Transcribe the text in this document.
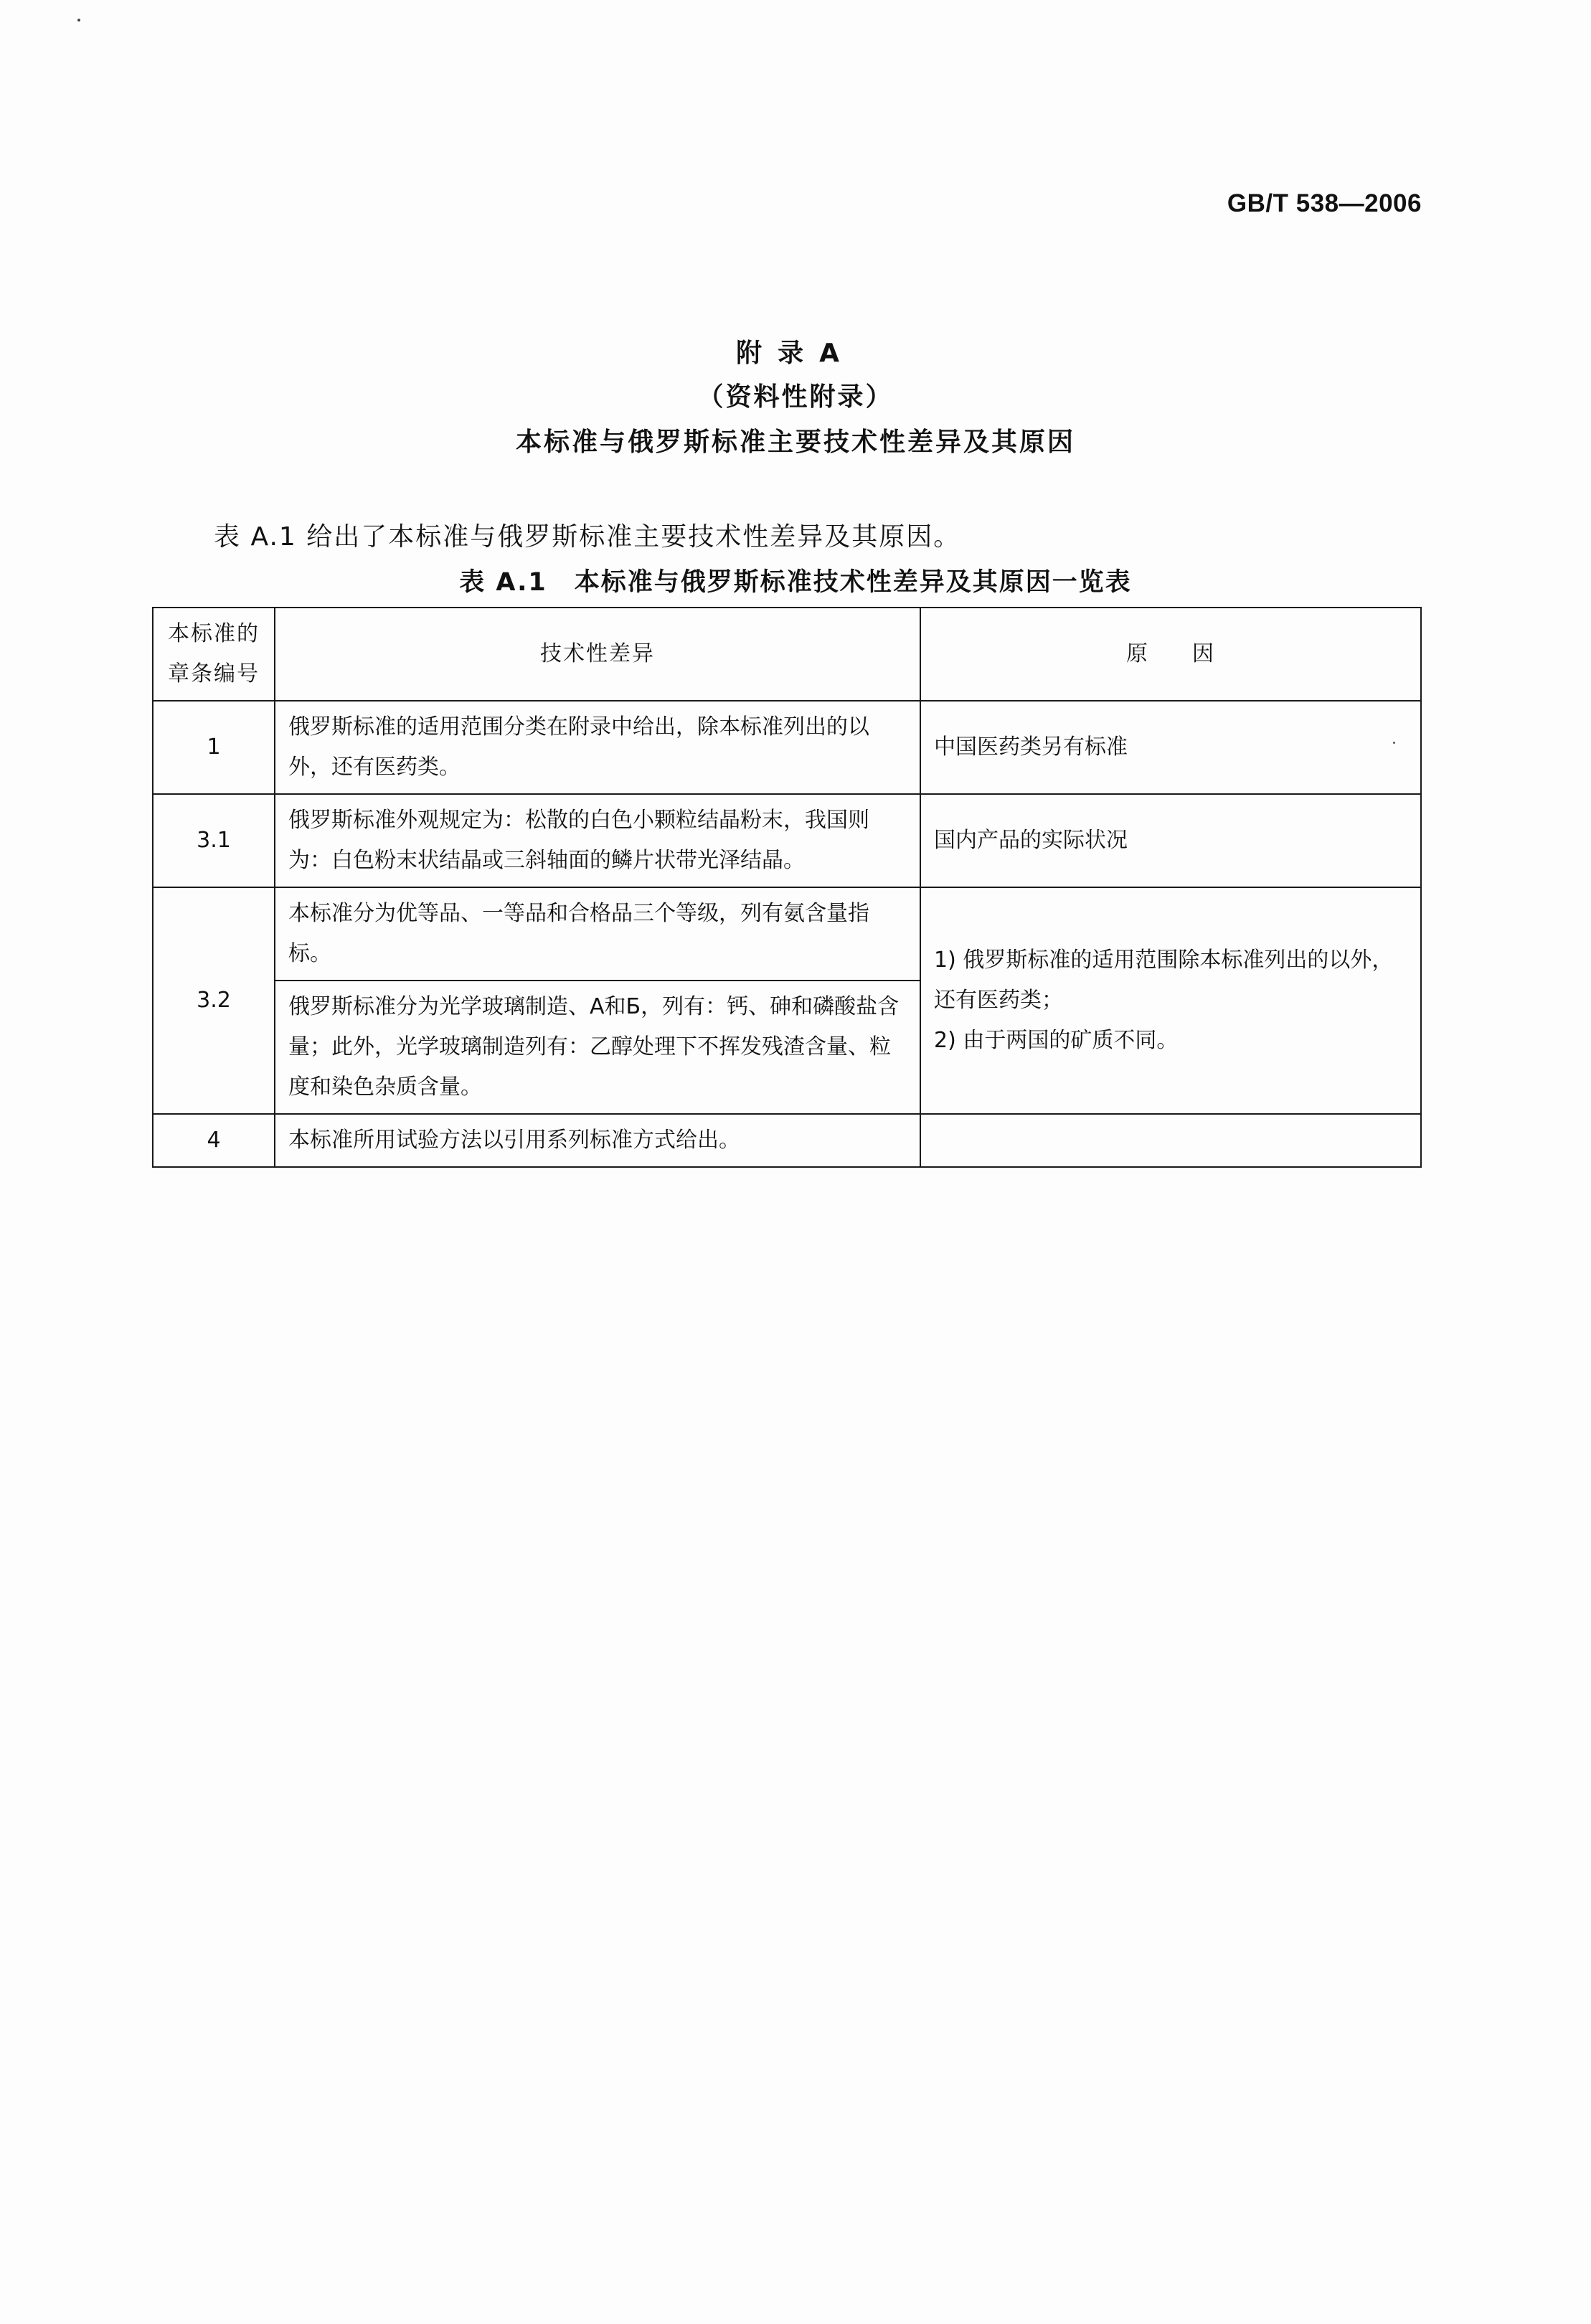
GB/T 538—2006
附录A
（资料性附录）
本标准与俄罗斯标准主要技术性差异及其原因
表 A.1 给出了本标准与俄罗斯标准主要技术性差异及其原因。
表 A.1 本标准与俄罗斯标准技术性差异及其原因一览表
本标准的
章条编号	技术性差异	原 因
1	俄罗斯标准的适用范围分类在附录中给出，除本标准列出的以外，还有医药类。	中国医药类另有标准
3.1	俄罗斯标准外观规定为：松散的白色小颗粒结晶粉末，我国则为：白色粉末状结晶或三斜轴面的鳞片状带光泽结晶。	国内产品的实际状况
3.2	本标准分为优等品、一等品和合格品三个等级，列有氨含量指标。	1) 俄罗斯标准的适用范围除本标准列出的以外，还有医药类；
2) 由于两国的矿质不同。

	俄罗斯标准分为光学玻璃制造、A和Б，列有：钙、砷和磷酸盐含量；此外，光学玻璃制造列有：乙醇处理下不挥发残渣含量、粒度和染色杂质含量。	
4	本标准所用试验方法以引用系列标准方式给出。	
